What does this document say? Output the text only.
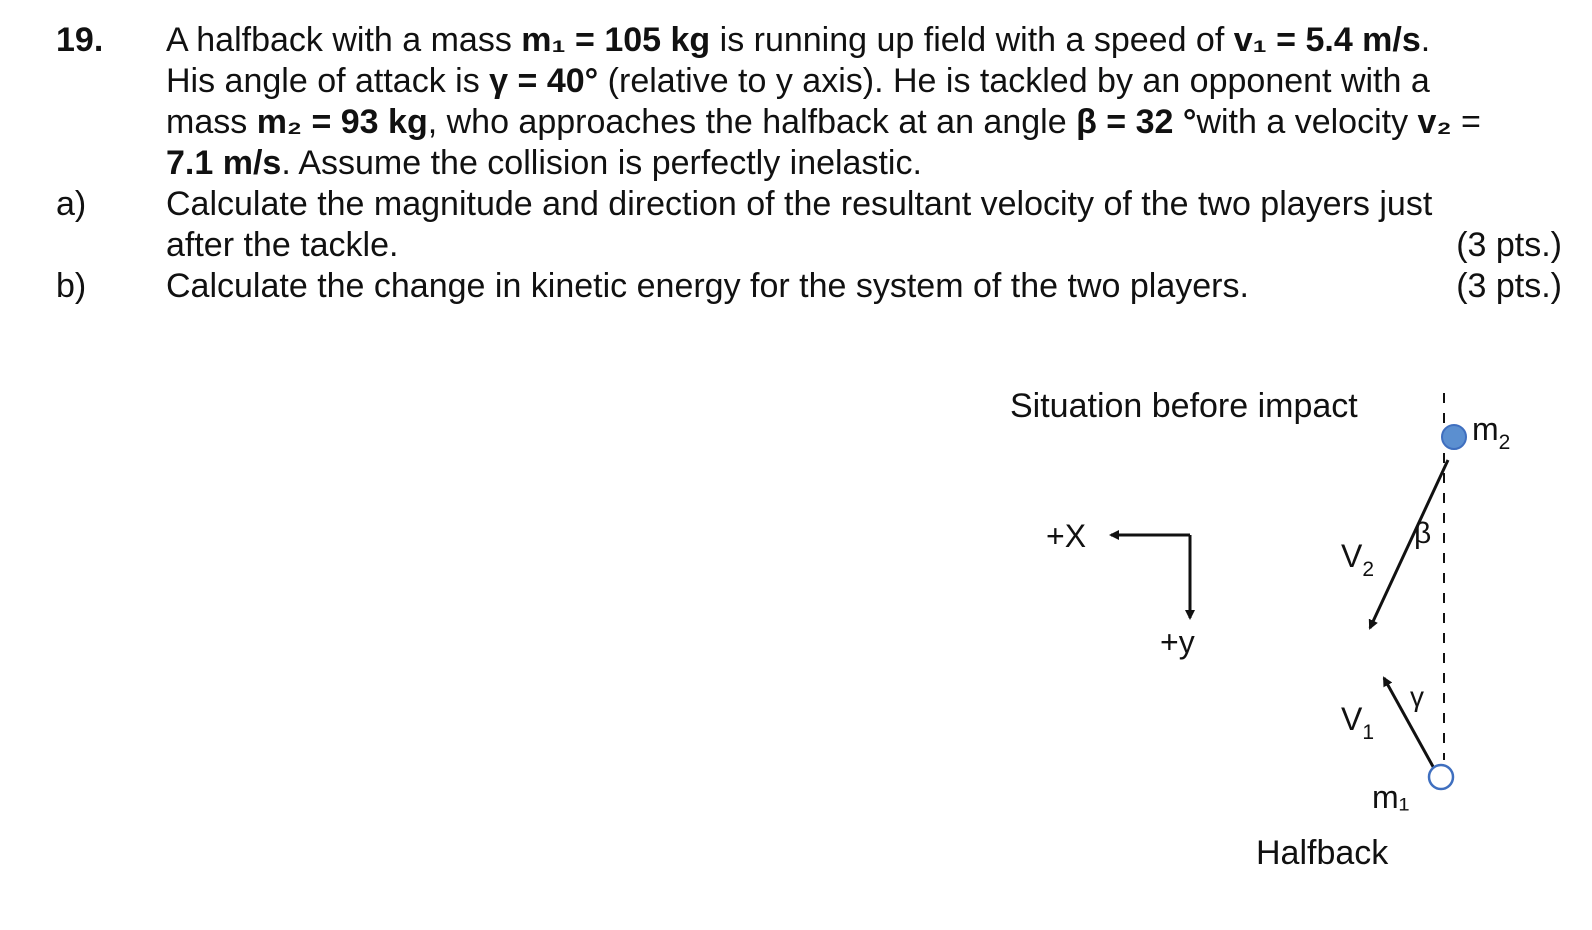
19. A halfback with a mass m₁ = 105 kg is running up field with a speed of v₁ = 5.4 m/s.
His angle of attack is γ = 40° (relative to y axis). He is tackled by an opponent with a
mass m₂ = 93 kg, who approaches the halfback at an angle β = 32 °with a velocity v₂ =
7.1 m/s. Assume the collision is perfectly inelastic.
a) Calculate the magnitude and direction of the resultant velocity of the two players just
after the tackle.	(3 pts.)
b) Calculate the change in kinetic energy for the system of the two players.	(3 pts.)
Situation before impact
+X
+y
$V_2$
$V_1$
β
γ
$m_2$
m₁
Halfback
